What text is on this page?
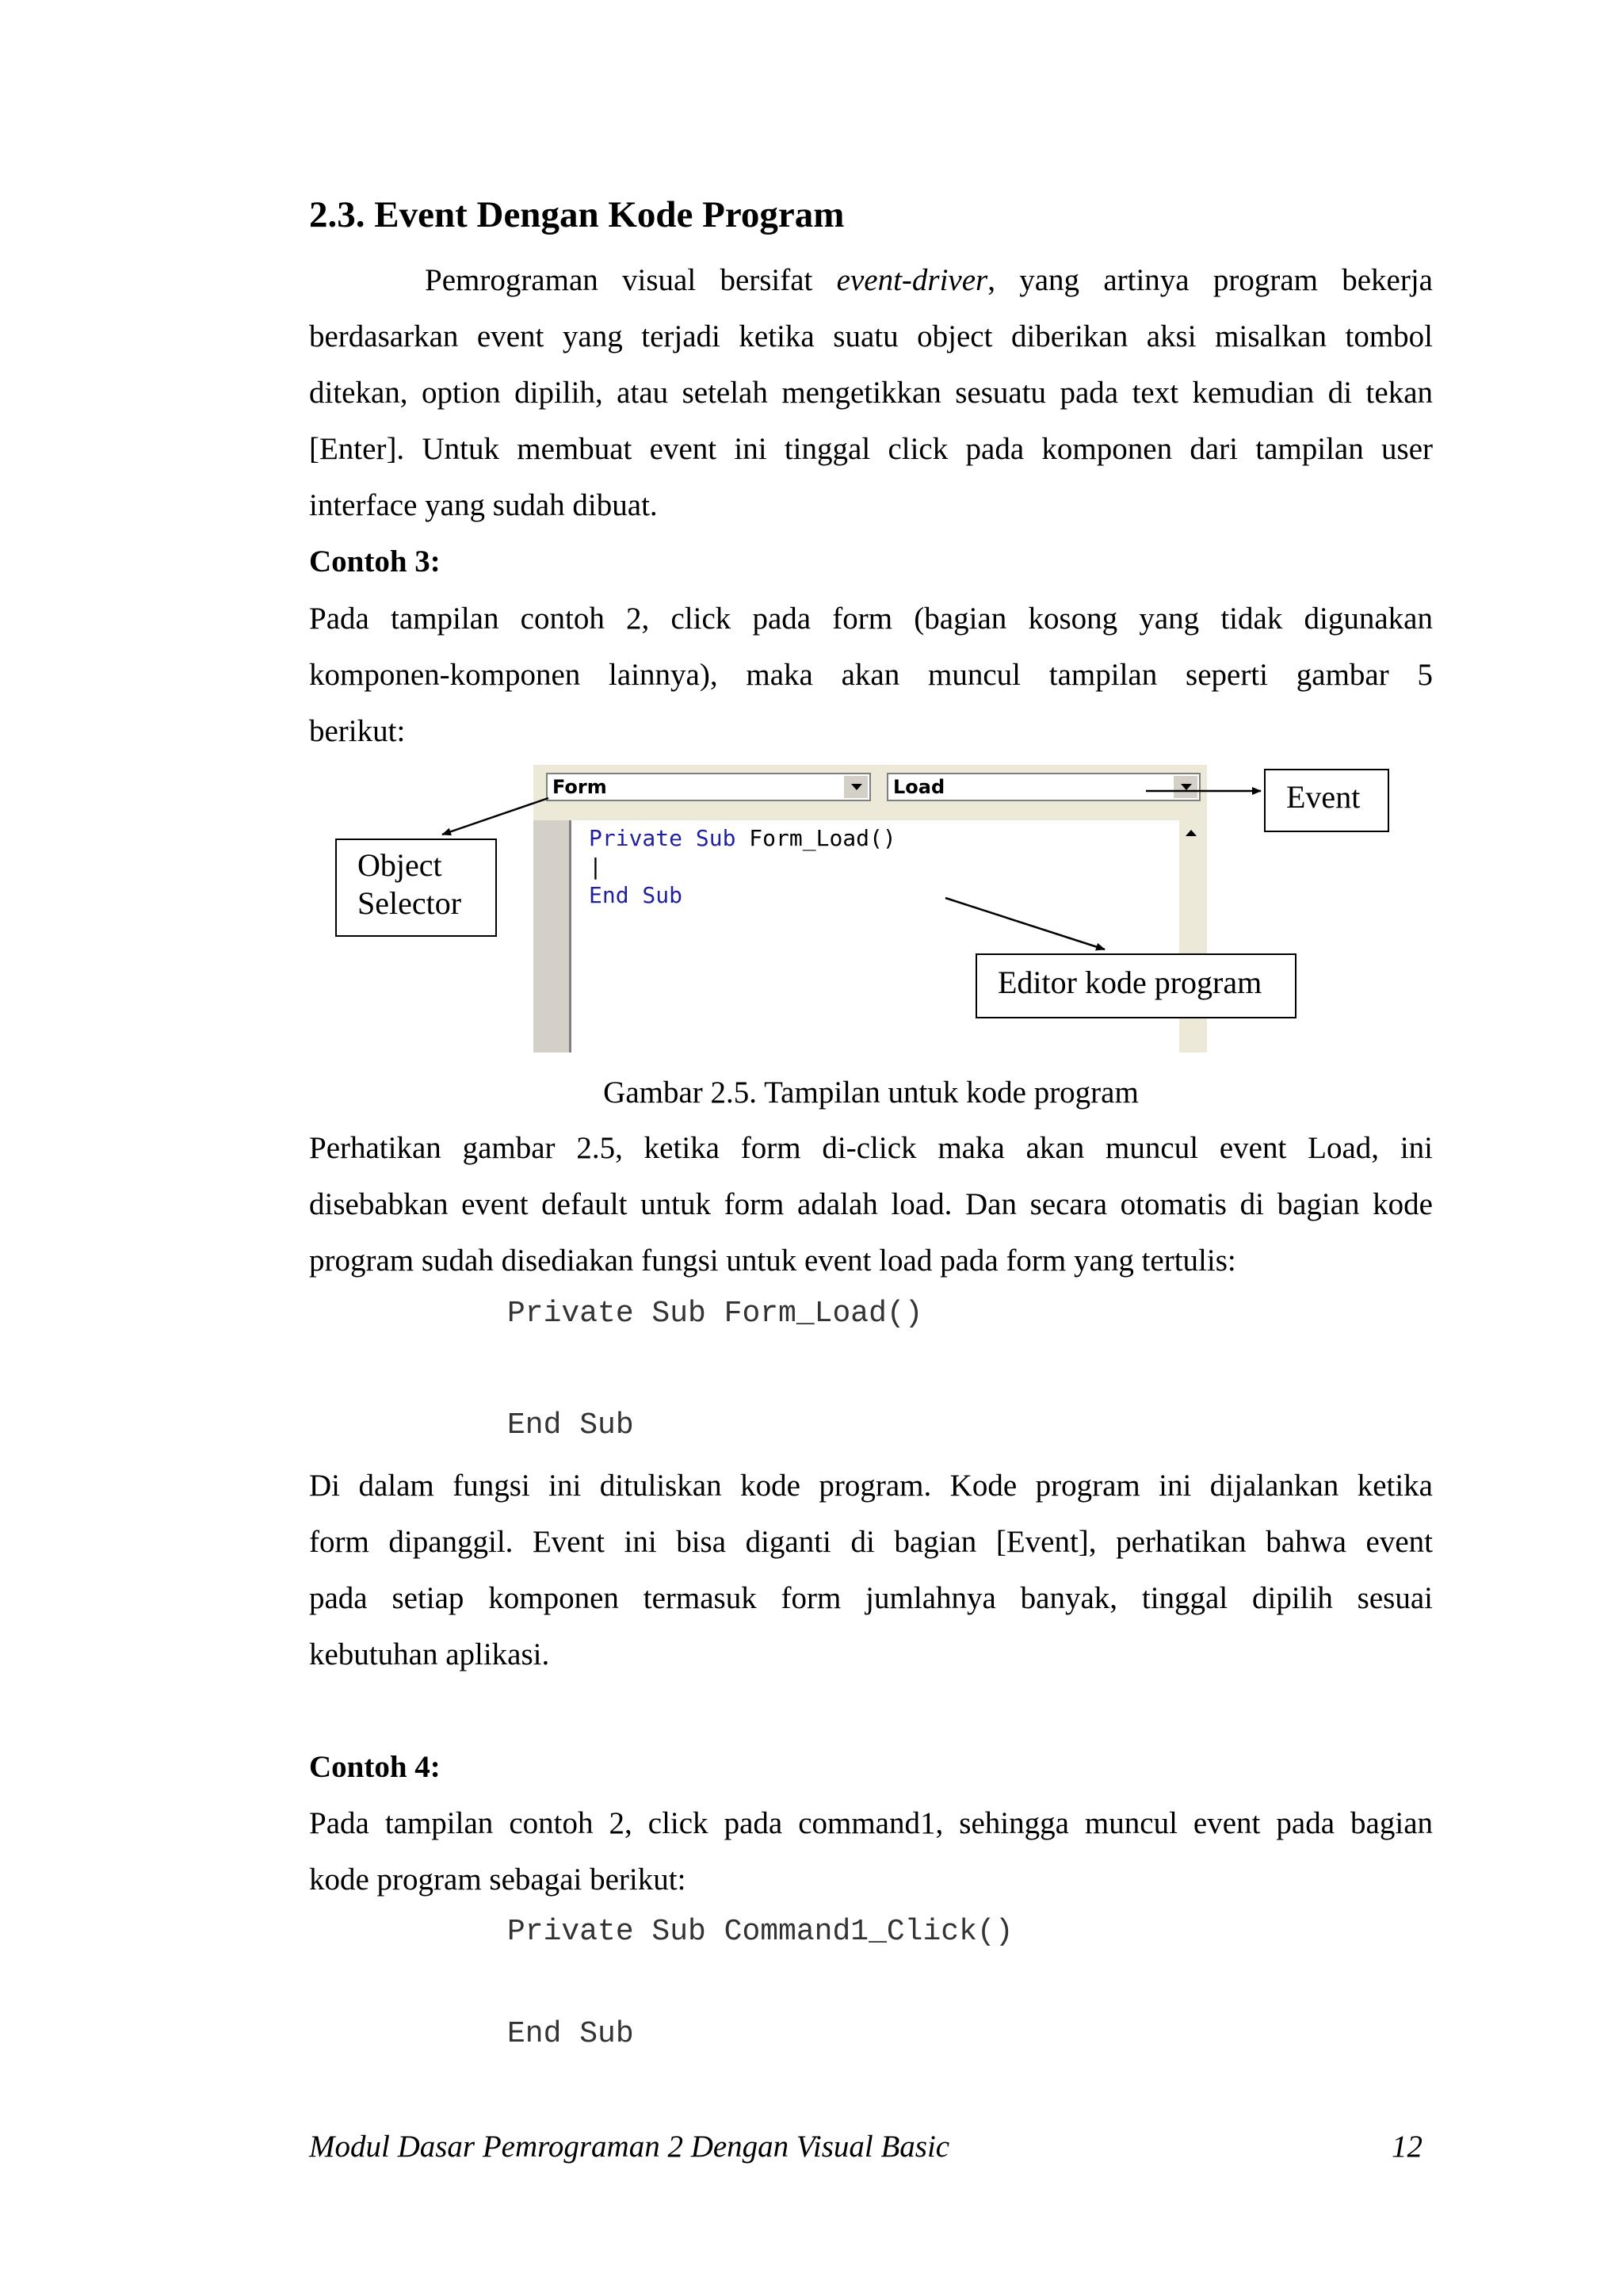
2.3. Event Dengan Kode Program
Pemrograman visual bersifat event-driver, yang artinya program bekerja
berdasarkan event yang terjadi ketika suatu object diberikan aksi misalkan tombol
ditekan, option dipilih, atau setelah mengetikkan sesuatu pada text kemudian di tekan
[Enter]. Untuk membuat event ini tinggal click pada komponen dari tampilan user
interface yang sudah dibuat.
Contoh 3:
Pada tampilan contoh 2, click pada form (bagian kosong yang tidak digunakan
komponen-komponen lainnya), maka akan muncul tampilan seperti gambar 5
berikut:
Form	Load
Private Sub Form_Load()
|
End Sub
Event
Object
Selector
Editor kode program
Gambar 2.5. Tampilan untuk kode program
Perhatikan gambar 2.5, ketika form di-click maka akan muncul event Load, ini
disebabkan event default untuk form adalah load. Dan secara otomatis di bagian kode
program sudah disediakan fungsi untuk event load pada form yang tertulis:
Private Sub Form_Load()
End Sub
Di dalam fungsi ini dituliskan kode program. Kode program ini dijalankan ketika
form dipanggil. Event ini bisa diganti di bagian [Event], perhatikan bahwa event
pada setiap komponen termasuk form jumlahnya banyak, tinggal dipilih sesuai
kebutuhan aplikasi.
Contoh 4:
Pada tampilan contoh 2, click pada command1, sehingga muncul event pada bagian
kode program sebagai berikut:
Private Sub Command1_Click()
End Sub
Modul Dasar Pemrograman 2 Dengan Visual Basic	12
